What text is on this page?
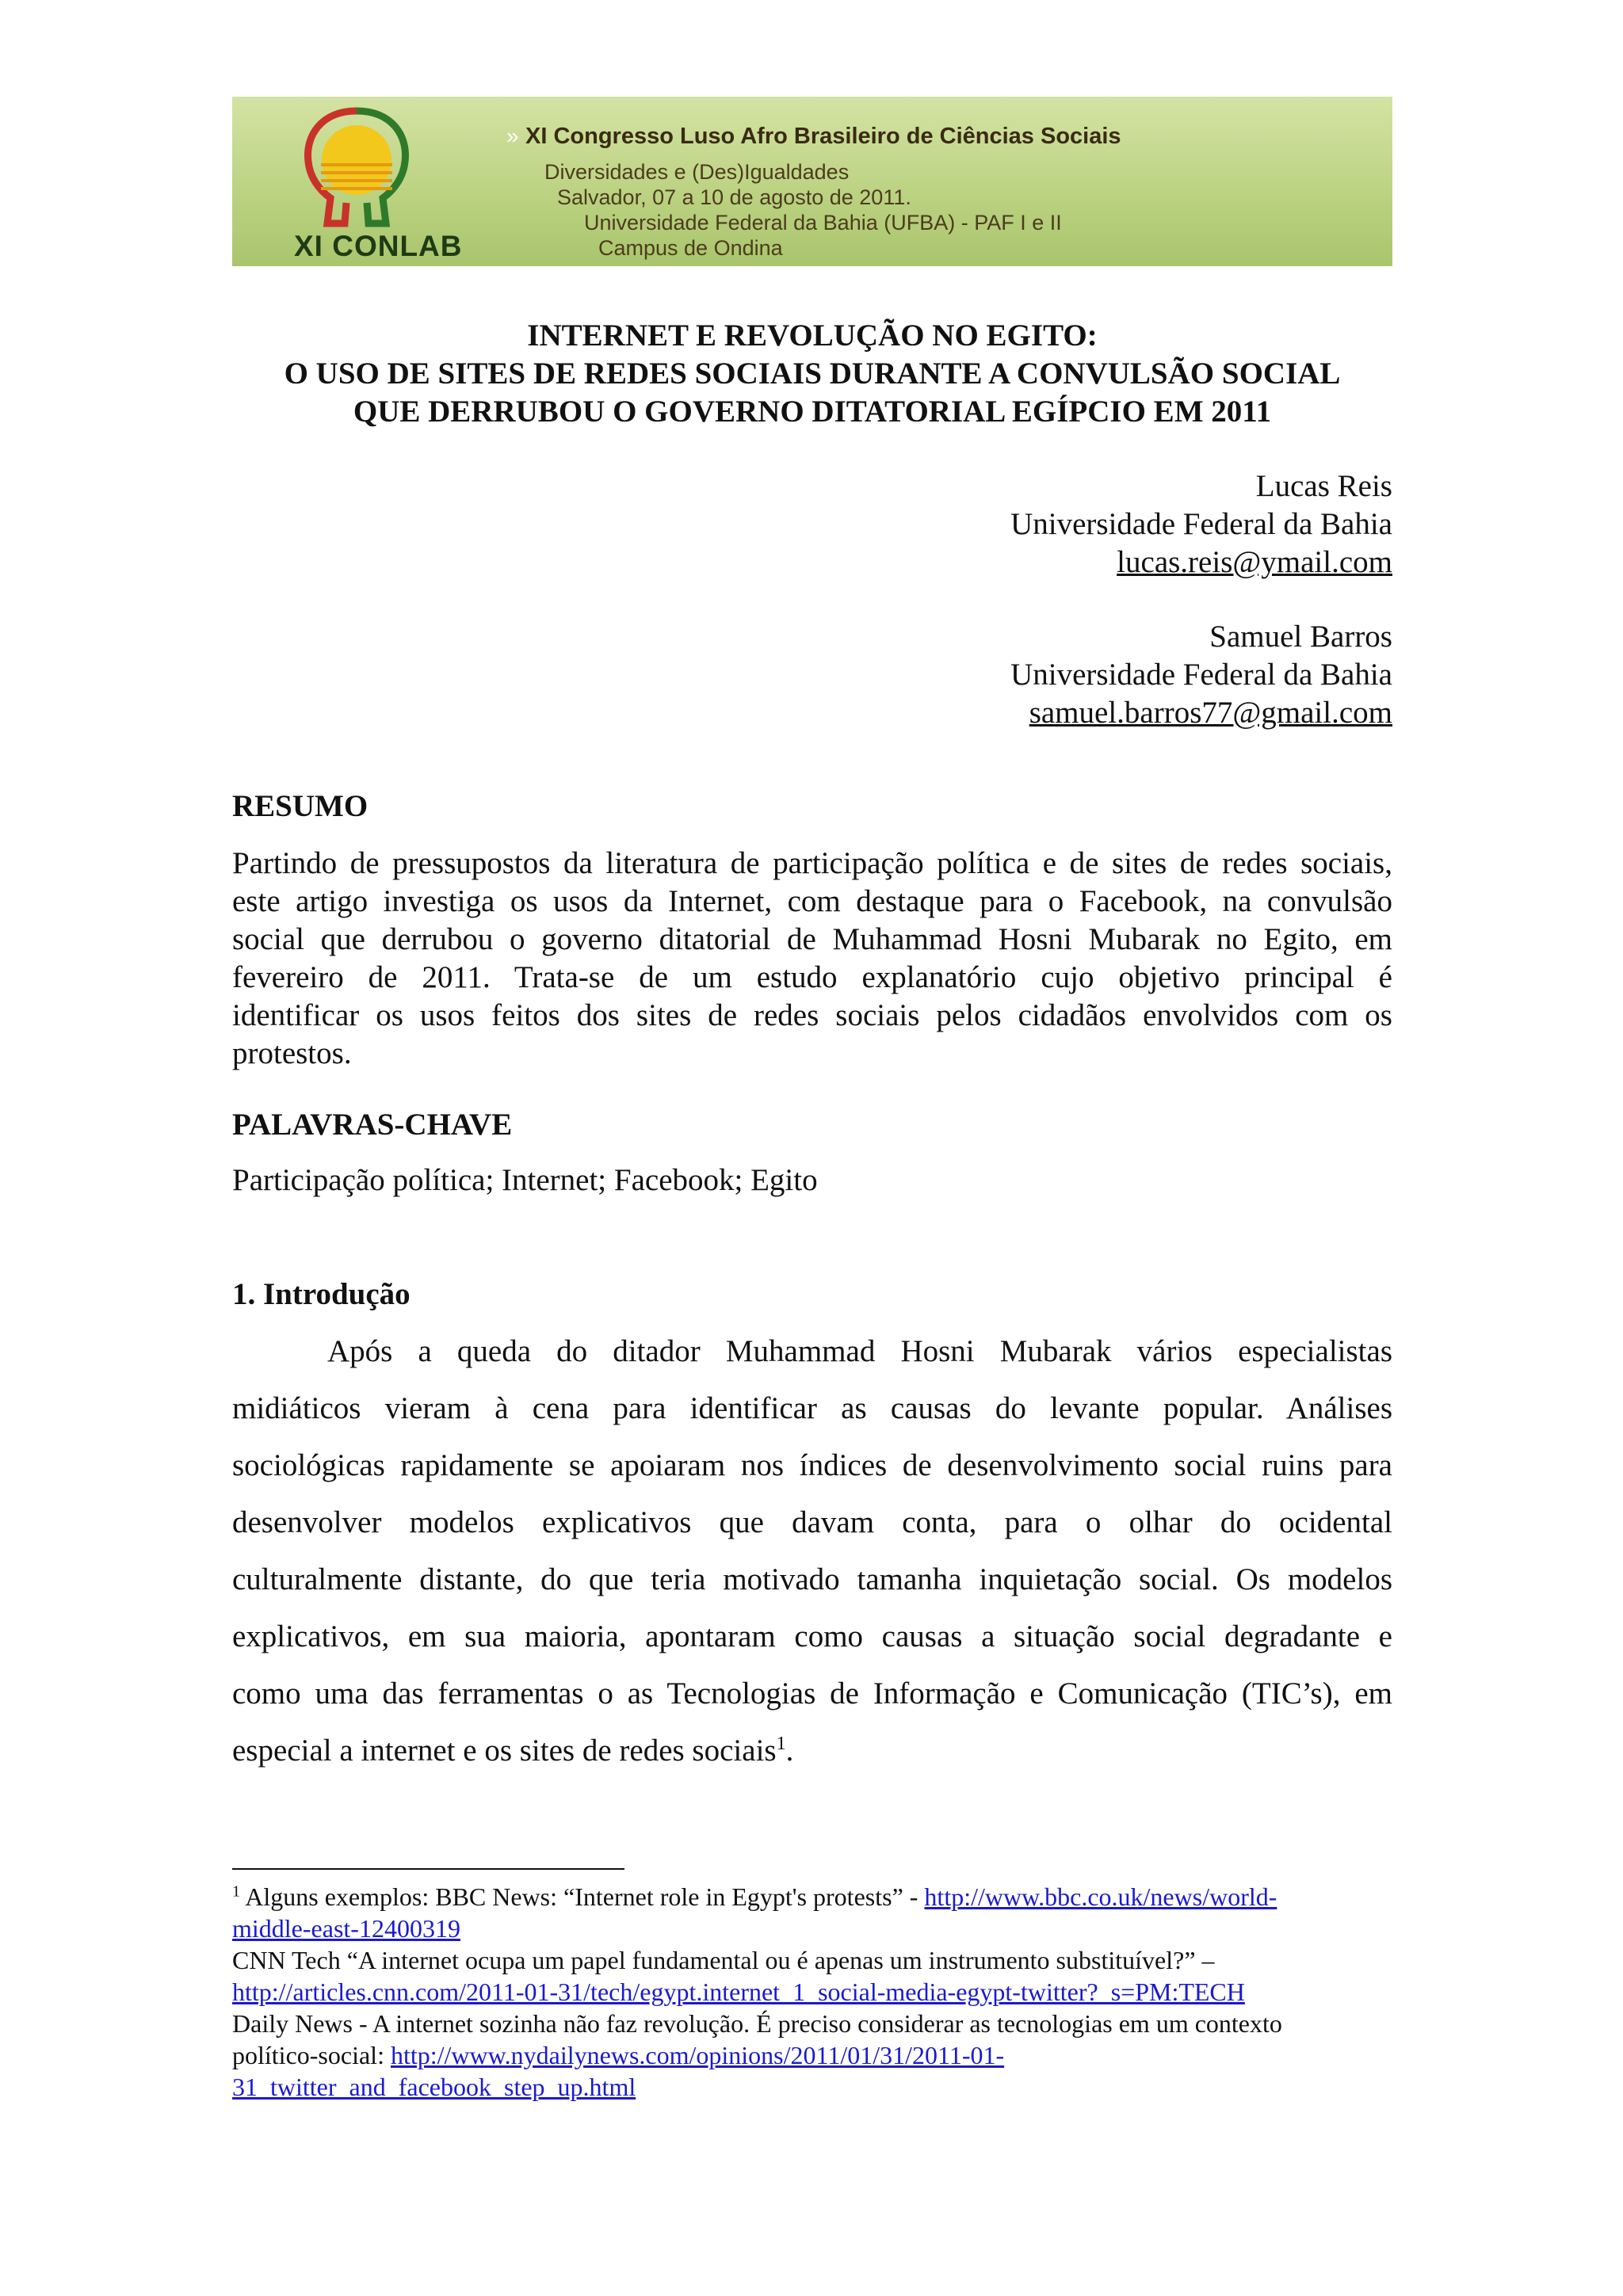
XI CONLAB
» XI Congresso Luso Afro Brasileiro de Ciências Sociais
Diversidades e (Des)Igualdades
Salvador, 07 a 10 de agosto de 2011.
Universidade Federal da Bahia (UFBA) - PAF I e II
Campus de Ondina
INTERNET E REVOLUÇÃO NO EGITO:
O USO DE SITES DE REDES SOCIAIS DURANTE A CONVULSÃO SOCIAL
QUE DERRUBOU O GOVERNO DITATORIAL EGÍPCIO EM 2011
Lucas Reis
Universidade Federal da Bahia
lucas.reis@ymail.com
Samuel Barros
Universidade Federal da Bahia
samuel.barros77@gmail.com
RESUMO
Partindo de pressupostos da literatura de participação política e de sites de redes sociais,
este artigo investiga os usos da Internet, com destaque para o Facebook, na convulsão
social que derrubou o governo ditatorial de Muhammad Hosni Mubarak no Egito, em
fevereiro de 2011. Trata-se de um estudo explanatório cujo objetivo principal é
identificar os usos feitos dos sites de redes sociais pelos cidadãos envolvidos com os
protestos.
PALAVRAS-CHAVE
Participação política; Internet; Facebook; Egito
1. Introdução
Após a queda do ditador Muhammad Hosni Mubarak vários especialistas
midiáticos vieram à cena para identificar as causas do levante popular. Análises
sociológicas rapidamente se apoiaram nos índices de desenvolvimento social ruins para
desenvolver modelos explicativos que davam conta, para o olhar do ocidental
culturalmente distante, do que teria motivado tamanha inquietação social. Os modelos
explicativos, em sua maioria, apontaram como causas a situação social degradante e
como uma das ferramentas o as Tecnologias de Informação e Comunicação (TIC’s), em
especial a internet e os sites de redes sociais$^1$.
$^1$ Alguns exemplos: BBC News: “Internet role in Egypt's protests” - http://www.bbc.co.uk/news/world-
middle-east-12400319
CNN Tech “A internet ocupa um papel fundamental ou é apenas um instrumento substituível?” –
http://articles.cnn.com/2011-01-31/tech/egypt.internet_1_social-media-egypt-twitter?_s=PM:TECH
Daily News - A internet sozinha não faz revolução. É preciso considerar as tecnologias em um contexto
político-social: http://www.nydailynews.com/opinions/2011/01/31/2011-01-
31_twitter_and_facebook_step_up.html
